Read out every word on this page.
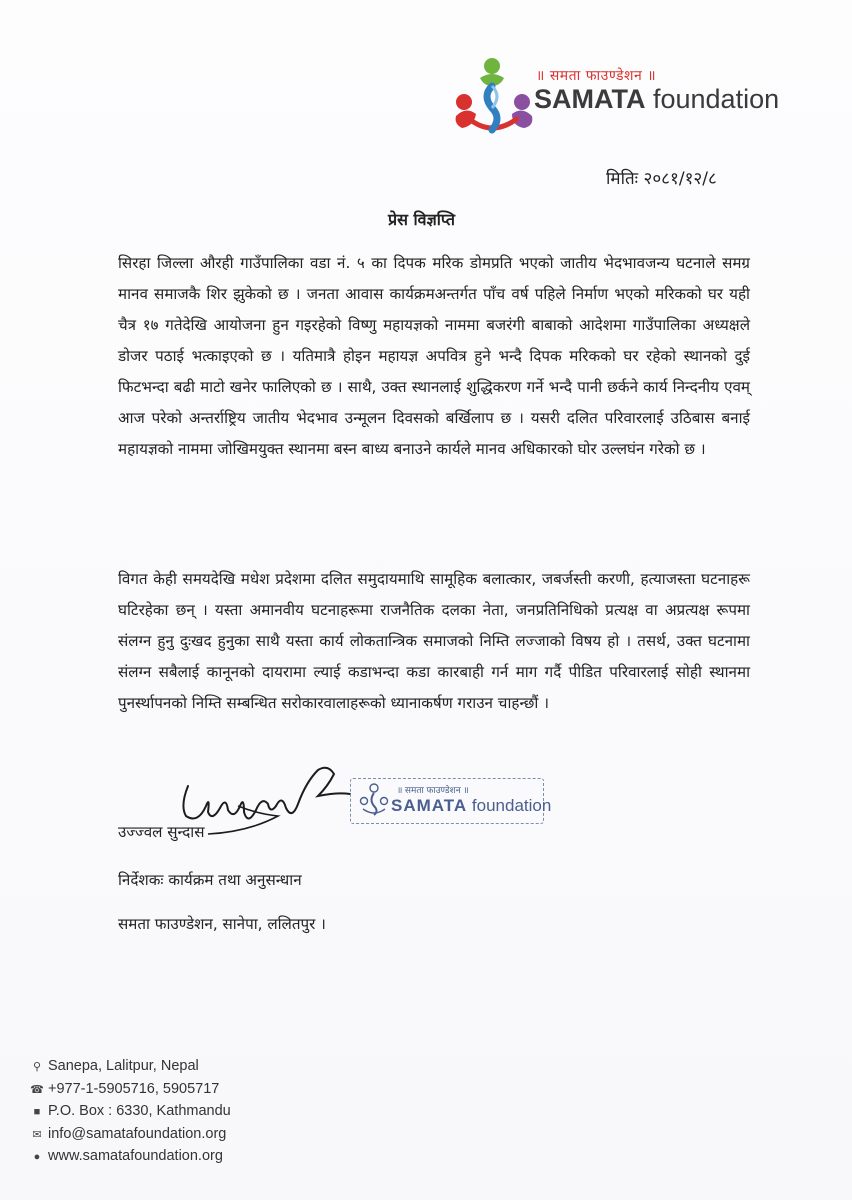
॥ समता फाउण्डेशन ॥
SAMATA foundation
मितिः २०८१/१२/८
प्रेस विज्ञप्ति
सिरहा जिल्ला औरही गाउँपालिका वडा नं. ५ का दिपक मरिक डोमप्रति भएको जातीय भेदभावजन्य घटनाले समग्र मानव समाजकै शिर झुकेको छ । जनता आवास कार्यक्रमअन्तर्गत पाँच वर्ष पहिले निर्माण भएको मरिकको घर यही चैत्र १७ गतेदेखि आयोजना हुन गइरहेको विष्णु महायज्ञको नाममा बजरंगी बाबाको आदेशमा गाउँपालिका अध्यक्षले डोजर पठाई भत्काइएको छ । यतिमात्रै होइन महायज्ञ अपवित्र हुने भन्दै दिपक मरिकको घर रहेको स्थानको दुई फिटभन्दा बढी माटो खनेर फालिएको छ । साथै, उक्त स्थानलाई शुद्धिकरण गर्ने भन्दै पानी छर्कने कार्य निन्दनीय एवम् आज परेको अन्तर्राष्ट्रिय जातीय भेदभाव उन्मूलन दिवसको बर्खिलाप छ । यसरी दलित परिवारलाई उठिबास बनाई महायज्ञको नाममा जोखिमयुक्त स्थानमा बस्न बाध्य बनाउने कार्यले मानव अधिकारको घोर उल्लघंन गरेको छ ।
विगत केही समयदेखि मधेश प्रदेशमा दलित समुदायमाथि सामूहिक बलात्कार, जबर्जस्ती करणी, हत्याजस्ता घटनाहरू घटिरहेका छन् । यस्ता अमानवीय घटनाहरूमा राजनैतिक दलका नेता, जनप्रतिनिधिको प्रत्यक्ष वा अप्रत्यक्ष रूपमा संलग्न हुनु दुःखद हुनुका साथै यस्ता कार्य लोकतान्त्रिक समाजको निम्ति लज्जाको विषय हो । तसर्थ, उक्त घटनामा संलग्न सबैलाई कानूनको दायरामा ल्याई कडाभन्दा कडा कारबाही गर्न माग गर्दै पीडित परिवारलाई सोही स्थानमा पुनर्स्थापनको निम्ति सम्बन्धित सरोकारवालाहरूको ध्यानाकर्षण गराउन चाहन्छौं ।
॥ समता फाउण्डेशन ॥
SAMATA foundation
उज्ज्वल सुन्दास
निर्देशकः कार्यक्रम तथा अनुसन्धान
समता फाउण्डेशन, सानेपा, ललितपुर ।
⚲ Sanepa, Lalitpur, Nepal
☎ +977-1-5905716, 5905717
■ P.O. Box : 6330, Kathmandu
✉ info@samatafoundation.org
● www.samatafoundation.org
